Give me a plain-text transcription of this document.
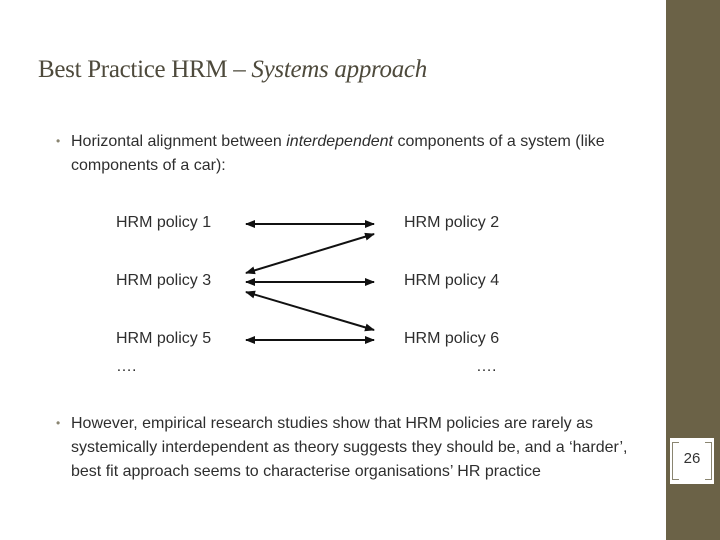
Best Practice HRM – Systems approach
• Horizontal alignment between interdependent components of a system (like components of a car):
HRM policy 1	HRM policy 2
HRM policy 3	HRM policy 4
HRM policy 5	HRM policy 6
….	….
• However, empirical research studies show that HRM policies are rarely as systemically interdependent as theory suggests they should be, and a ‘harder’, best fit approach seems to characterise organisations’ HR practice
26
